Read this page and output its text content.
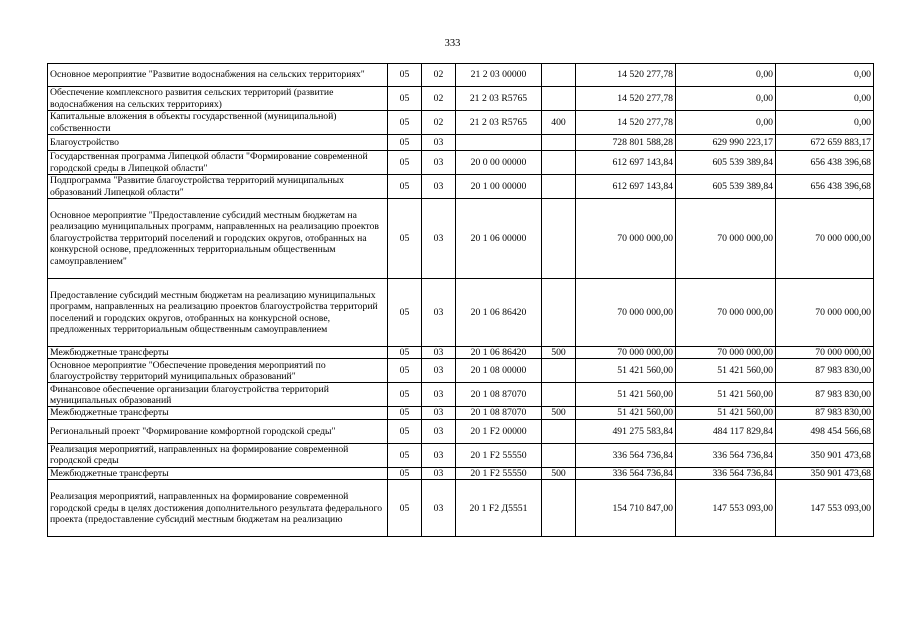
333
Основное мероприятие "Развитие водоснабжения на сельских территориях"	05	02	21 2 03 00000		14 520 277,78	0,00	0,00
Обеспечение комплексного развития сельских территорий (развитие водоснабжения на сельских территориях)	05	02	21 2 03 R5765		14 520 277,78	0,00	0,00
Капитальные вложения в объекты государственной (муниципальной) собственности	05	02	21 2 03 R5765	400	14 520 277,78	0,00	0,00
Благоустройство	05	03			728 801 588,28	629 990 223,17	672 659 883,17
Государственная программа Липецкой области "Формирование современной городской среды в Липецкой области"	05	03	20 0 00 00000		612 697 143,84	605 539 389,84	656 438 396,68
Подпрограмма "Развитие благоустройства территорий муниципальных образований Липецкой области"	05	03	20 1 00 00000		612 697 143,84	605 539 389,84	656 438 396,68
Основное мероприятие "Предоставление субсидий местным бюджетам на реализацию муниципальных программ, направленных на реализацию проектов благоустройства территорий поселений и городских округов, отобранных на конкурсной основе, предложенных территориальным общественным самоуправлением"	05	03	20 1 06 00000		70 000 000,00	70 000 000,00	70 000 000,00
Предоставление субсидий местным бюджетам на реализацию муниципальных программ, направленных на реализацию проектов благоустройства территорий поселений и городских округов, отобранных на конкурсной основе, предложенных территориальным общественным самоуправлением	05	03	20 1 06 86420		70 000 000,00	70 000 000,00	70 000 000,00
Межбюджетные трансферты	05	03	20 1 06 86420	500	70 000 000,00	70 000 000,00	70 000 000,00
Основное мероприятие "Обеспечение проведения мероприятий по благоустройству территорий муниципальных образований"	05	03	20 1 08 00000		51 421 560,00	51 421 560,00	87 983 830,00
Финансовое обеспечение организации благоустройства территорий муниципальных образований	05	03	20 1 08 87070		51 421 560,00	51 421 560,00	87 983 830,00
Межбюджетные трансферты	05	03	20 1 08 87070	500	51 421 560,00	51 421 560,00	87 983 830,00
Региональный проект "Формирование комфортной городской среды"	05	03	20 1 F2 00000		491 275 583,84	484 117 829,84	498 454 566,68
Реализация мероприятий, направленных на формирование современной городской среды	05	03	20 1 F2 55550		336 564 736,84	336 564 736,84	350 901 473,68
Межбюджетные трансферты	05	03	20 1 F2 55550	500	336 564 736,84	336 564 736,84	350 901 473,68
Реализация мероприятий, направленных на формирование современной городской среды в целях достижения дополнительного результата федерального проекта (предоставление субсидий местным бюджетам на реализацию	05	03	20 1 F2 Д5551		154 710 847,00	147 553 093,00	147 553 093,00
